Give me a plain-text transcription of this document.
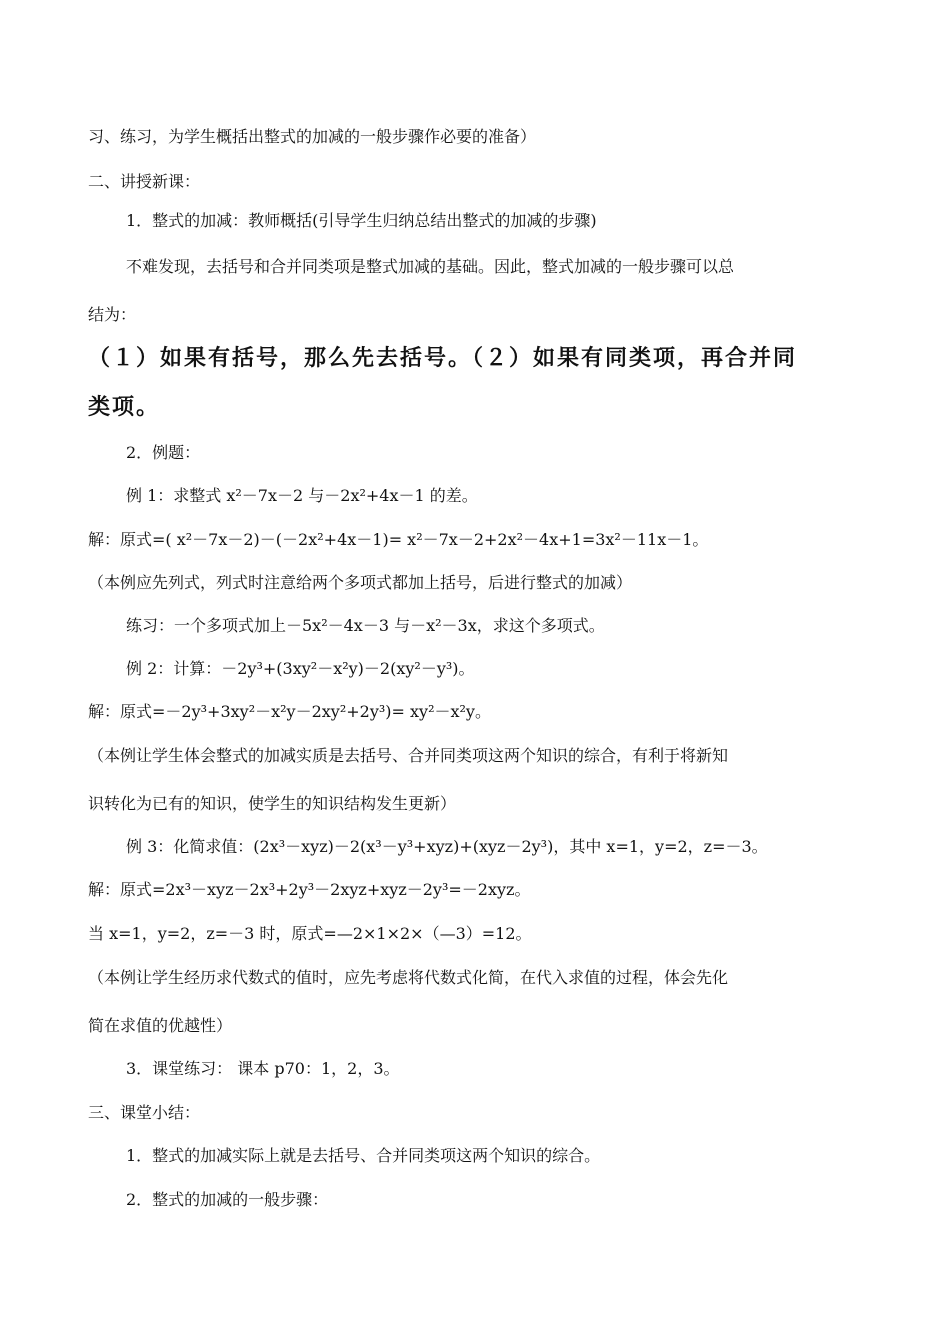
习、练习，为学生概括出整式的加减的一般步骤作必要的准备）
二、讲授新课：
1．整式的加减：教师概括(引导学生归纳总结出整式的加减的步骤)
不难发现，去括号和合并同类项是整式加减的基础。因此，整式加减的一般步骤可以总
结为：
（１）如果有括号，那么先去括号。（２）如果有同类项，再合并同
类项。
2．例题：
例 1：求整式 x²－7x－2 与－2x²+4x－1 的差。
解：原式=( x²－7x－2)－(－2x²+4x－1)= x²－7x－2+2x²－4x+1=3x²－11x－1。
（本例应先列式，列式时注意给两个多项式都加上括号，后进行整式的加减）
练习：一个多项式加上－5x²－4x－3 与－x²－3x，求这个多项式。
例 2：计算：－2y³+(3xy²－x²y)－2(xy²－y³)。
解：原式=－2y³+3xy²－x²y－2xy²+2y³)= xy²－x²y。
（本例让学生体会整式的加减实质是去括号、合并同类项这两个知识的综合，有利于将新知
识转化为已有的知识，使学生的知识结构发生更新）
例 3：化简求值：(2x³－xyz)－2(x³－y³+xyz)+(xyz－2y³)，其中 x=1，y=2，z=－3。
解：原式=2x³－xyz－2x³+2y³－2xyz+xyz－2y³=－2xyz。
当 x=1，y=2，z=－3 时，原式=—2×1×2×（—3）=12。
（本例让学生经历求代数式的值时，应先考虑将代数式化简，在代入求值的过程，体会先化
简在求值的优越性）
3．课堂练习： 课本 p70：1，2，3。
三、课堂小结：
1．整式的加减实际上就是去括号、合并同类项这两个知识的综合。
2．整式的加减的一般步骤：
